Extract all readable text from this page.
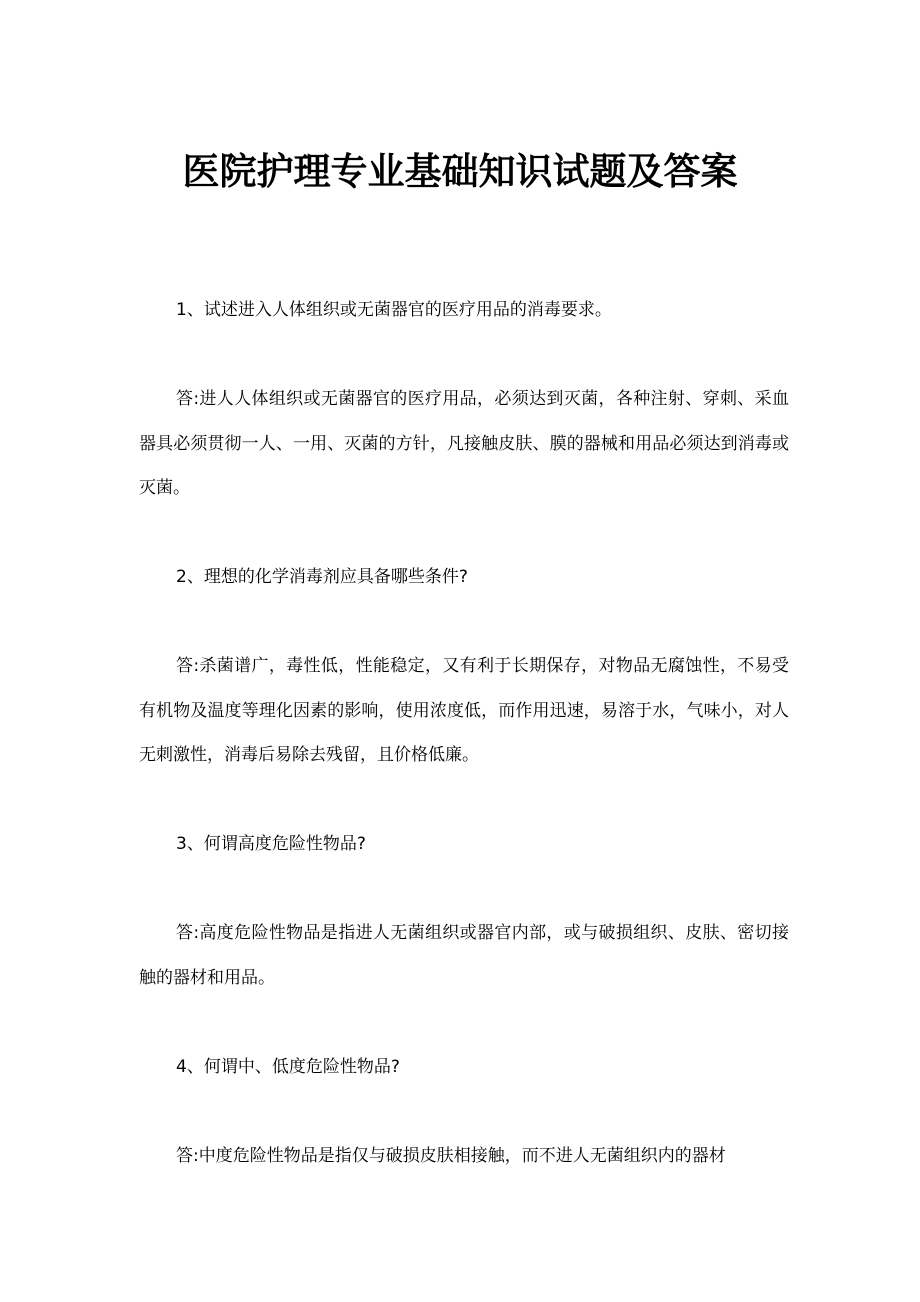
医院护理专业基础知识试题及答案

1、试述进入人体组织或无菌器官的医疗用品的消毒要求。

答:进人人体组织或无菌器官的医疗用品，必须达到灭菌，各种注射、穿刺、采血器具必须贯彻一人、一用、灭菌的方针，凡接触皮肤、膜的器械和用品必须达到消毒或灭菌。

2、理想的化学消毒剂应具备哪些条件?

答:杀菌谱广，毒性低，性能稳定，又有利于长期保存，对物品无腐蚀性，不易受有机物及温度等理化因素的影响，使用浓度低，而作用迅速，易溶于水，气味小，对人无刺激性，消毒后易除去残留，且价格低廉。

3、何谓高度危险性物品?

答:高度危险性物品是指进人无菌组织或器官内部，或与破损组织、皮肤、密切接触的器材和用品。

4、何谓中、低度危险性物品?

答:中度危险性物品是指仅与破损皮肤相接触，而不进人无菌组织内的器材
